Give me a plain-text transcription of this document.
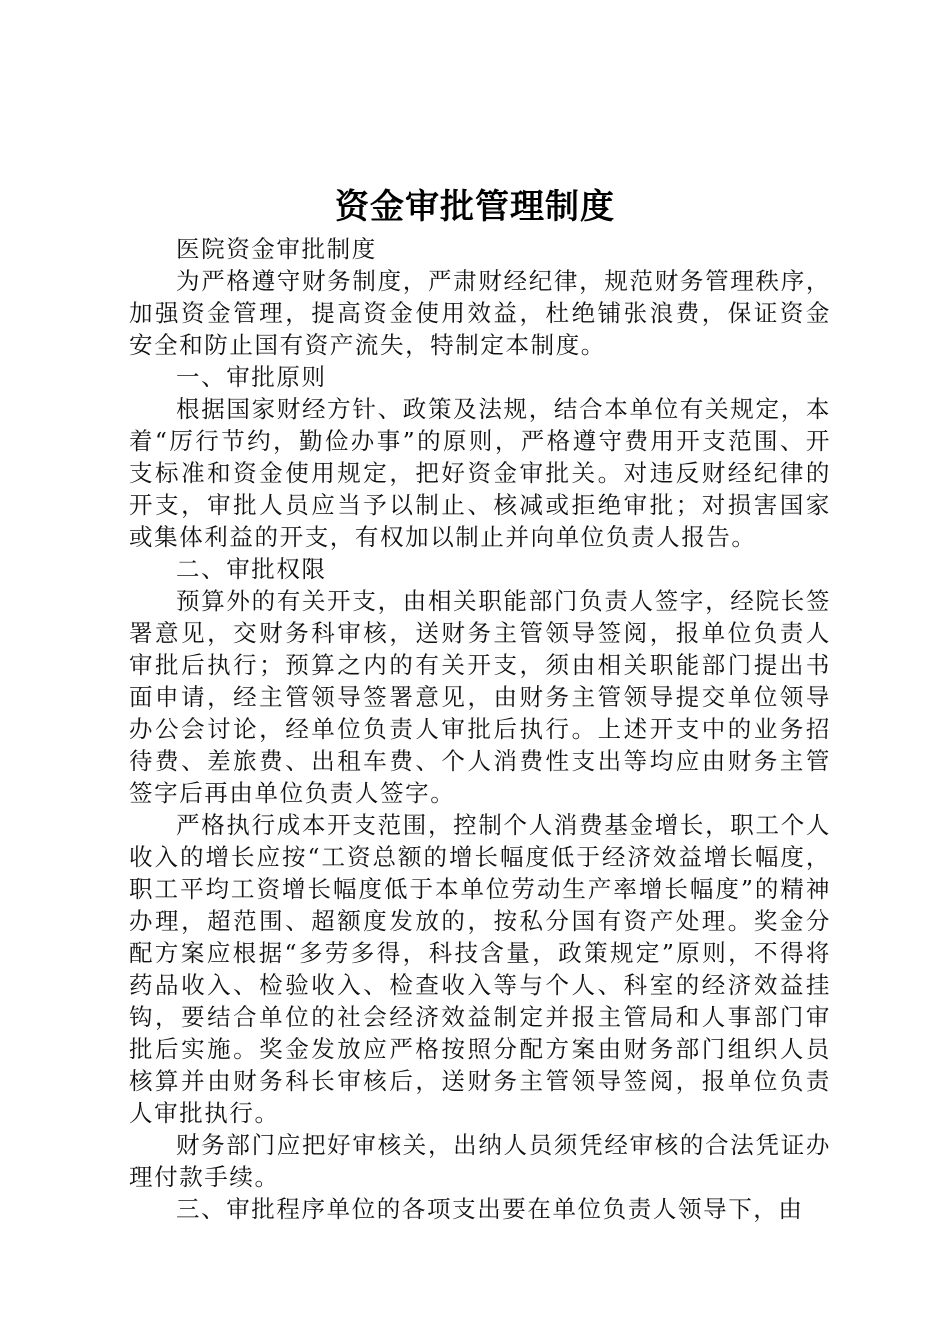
资金审批管理制度

医院资金审批制度

为严格遵守财务制度，严肃财经纪律，规范财务管理秩序，加强资金管理，提高资金使用效益，杜绝铺张浪费，保证资金安全和防止国有资产流失，特制定本制度。

一、审批原则

根据国家财经方针、政策及法规，结合本单位有关规定，本着“厉行节约，勤俭办事”的原则，严格遵守费用开支范围、开支标准和资金使用规定，把好资金审批关。对违反财经纪律的开支，审批人员应当予以制止、核减或拒绝审批；对损害国家或集体利益的开支，有权加以制止并向单位负责人报告。

二、审批权限

预算外的有关开支，由相关职能部门负责人签字，经院长签署意见，交财务科审核，送财务主管领导签阅，报单位负责人审批后执行；预算之内的有关开支，须由相关职能部门提出书面申请，经主管领导签署意见，由财务主管领导提交单位领导办公会讨论，经单位负责人审批后执行。上述开支中的业务招待费、差旅费、出租车费、个人消费性支出等均应由财务主管签字后再由单位负责人签字。

严格执行成本开支范围，控制个人消费基金增长，职工个人收入的增长应按“工资总额的增长幅度低于经济效益增长幅度，职工平均工资增长幅度低于本单位劳动生产率增长幅度”的精神办理，超范围、超额度发放的，按私分国有资产处理。奖金分配方案应根据“多劳多得，科技含量，政策规定”原则，不得将药品收入、检验收入、检查收入等与个人、科室的经济效益挂钩，要结合单位的社会经济效益制定并报主管局和人事部门审批后实施。奖金发放应严格按照分配方案由财务部门组织人员核算并由财务科长审核后，送财务主管领导签阅，报单位负责人审批执行。

财务部门应把好审核关，出纳人员须凭经审核的合法凭证办理付款手续。

三、审批程序单位的各项支出要在单位负责人领导下，由
